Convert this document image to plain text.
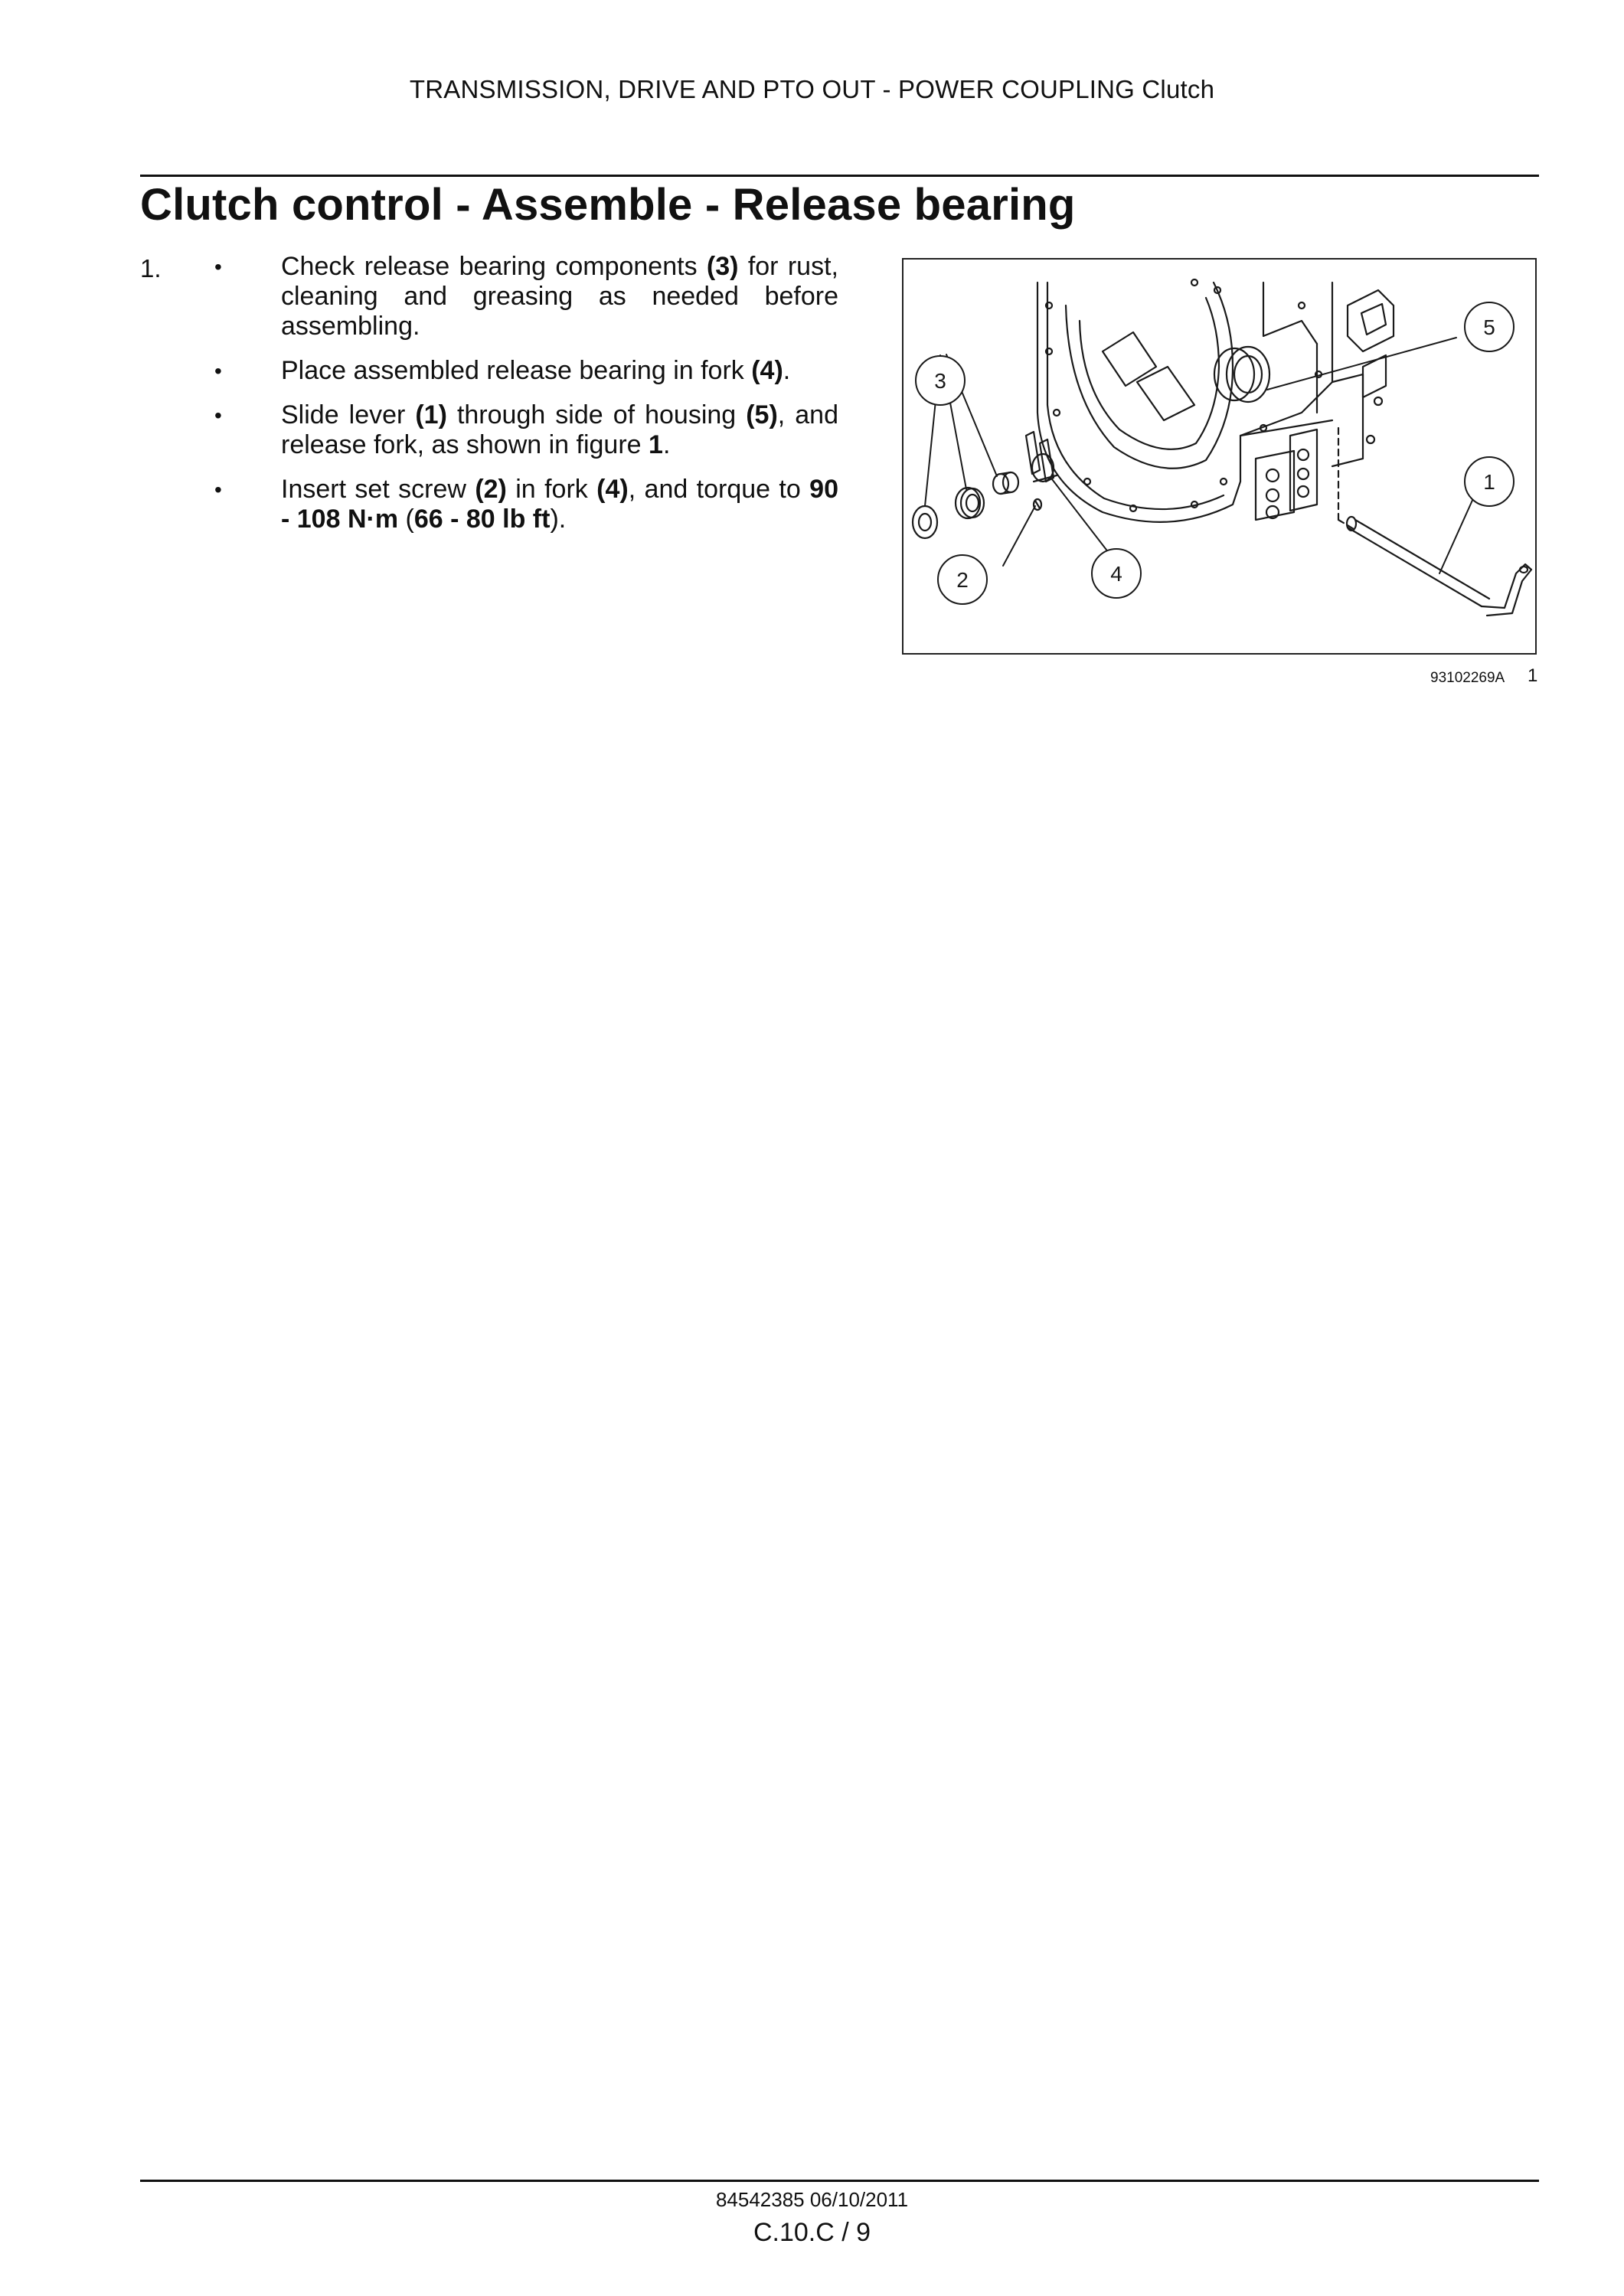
TRANSMISSION, DRIVE AND PTO OUT - POWER COUPLING Clutch
Clutch control - Assemble - Release bearing
1. • Check release bearing components (3) for rust, cleaning and greasing as needed before assembling.
• Place assembled release bearing in fork (4).
• Slide lever (1) through side of housing (5), and release fork, as shown in figure 1.
• Insert set screw (2) in fork (4), and torque to 90 - 108 N·m (66 - 80 lb ft).
3
2	4
1
5
93102269A 1
84542385 06/10/2011
C.10.C / 9
